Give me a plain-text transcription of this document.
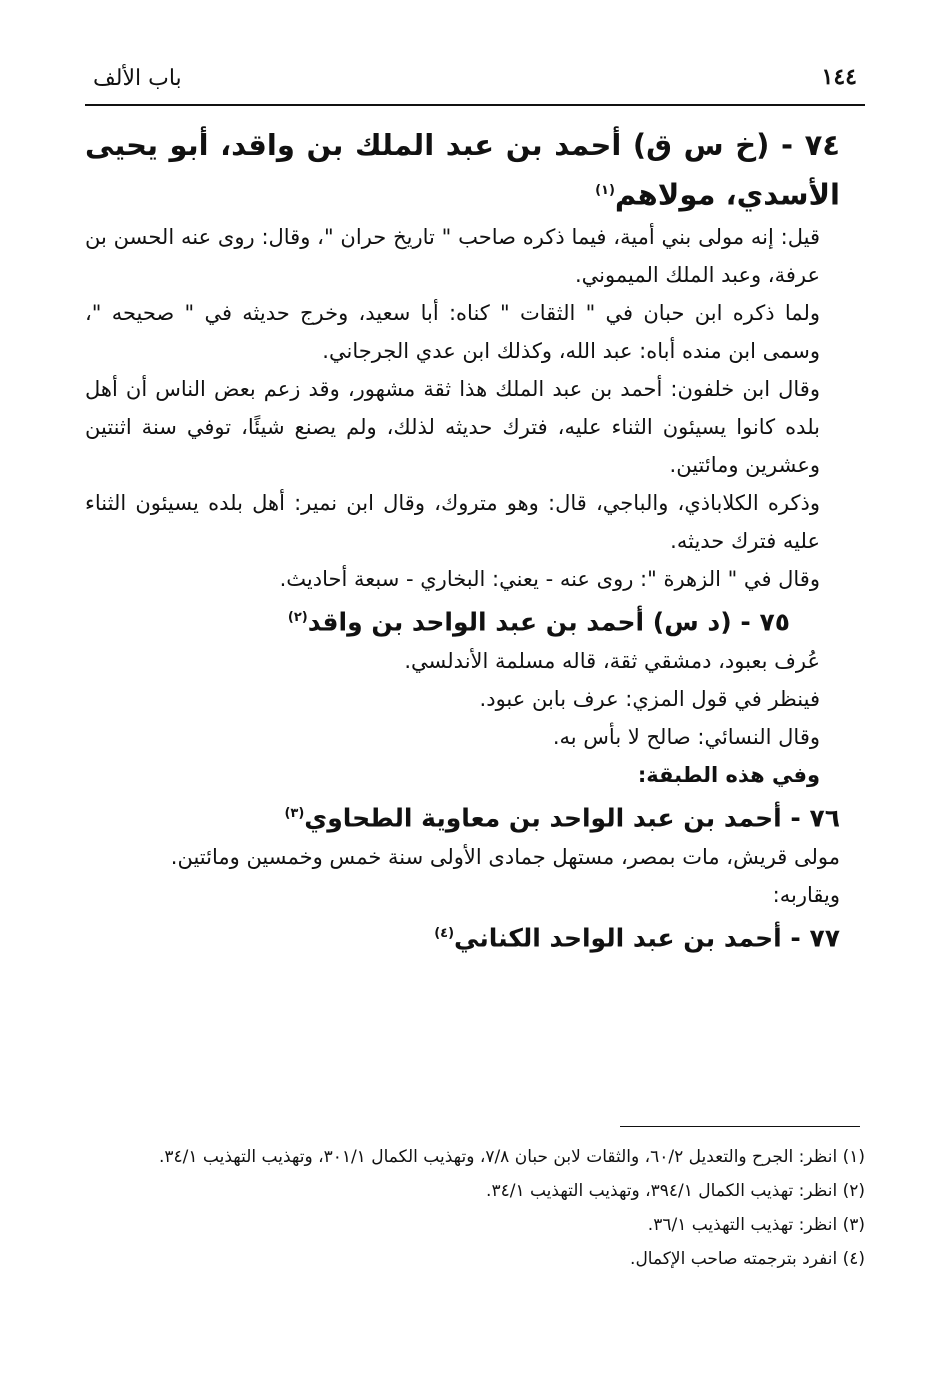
١٤٤
باب الألف

٧٤ - (خ س ق) أحمد بن عبد الملك بن واقد، أبو يحيى الأسدي، مولاهم$^{(١)}$

قيل: إنه مولى بني أمية، فيما ذكره صاحب " تاريخ حران "، وقال: روى عنه الحسن بن عرفة، وعبد الملك الميموني.

ولما ذكره ابن حبان في " الثقات " كناه: أبا سعيد، وخرج حديثه في " صحيحه "، وسمى ابن منده أباه: عبد الله، وكذلك ابن عدي الجرجاني.

وقال ابن خلفون: أحمد بن عبد الملك هذا ثقة مشهور، وقد زعم بعض الناس أن أهل بلده كانوا يسيئون الثناء عليه، فترك حديثه لذلك، ولم يصنع شيئًا، توفي سنة اثنتين وعشرين ومائتين.

وذكره الكلاباذي، والباجي، قال: وهو متروك، وقال ابن نمير: أهل بلده يسيئون الثناء عليه فترك حديثه.

وقال في " الزهرة ": روى عنه - يعني: البخاري - سبعة أحاديث.

٧٥ - (د س) أحمد بن عبد الواحد بن واقد$^{(٢)}$

عُرف بعبود، دمشقي ثقة، قاله مسلمة الأندلسي.

فينظر في قول المزي: عرف بابن عبود.

وقال النسائي: صالح لا بأس به.

وفي هذه الطبقة:

٧٦ - أحمد بن عبد الواحد بن معاوية الطحاوي$^{(٣)}$

مولى قريش، مات بمصر، مستهل جمادى الأولى سنة خمس وخمسين ومائتين.

ويقاربه:

٧٧ - أحمد بن عبد الواحد الكناني$^{(٤)}$

(١) انظر: الجرح والتعديل ٦٠/٢، والثقات لابن حبان ٧/٨، وتهذيب الكمال ٣٠١/١، وتهذيب التهذيب ٣٤/١.

(٢) انظر: تهذيب الكمال ٣٩٤/١، وتهذيب التهذيب ٣٤/١.

(٣) انظر: تهذيب التهذيب ٣٦/١.

(٤) انفرد بترجمته صاحب الإكمال.
